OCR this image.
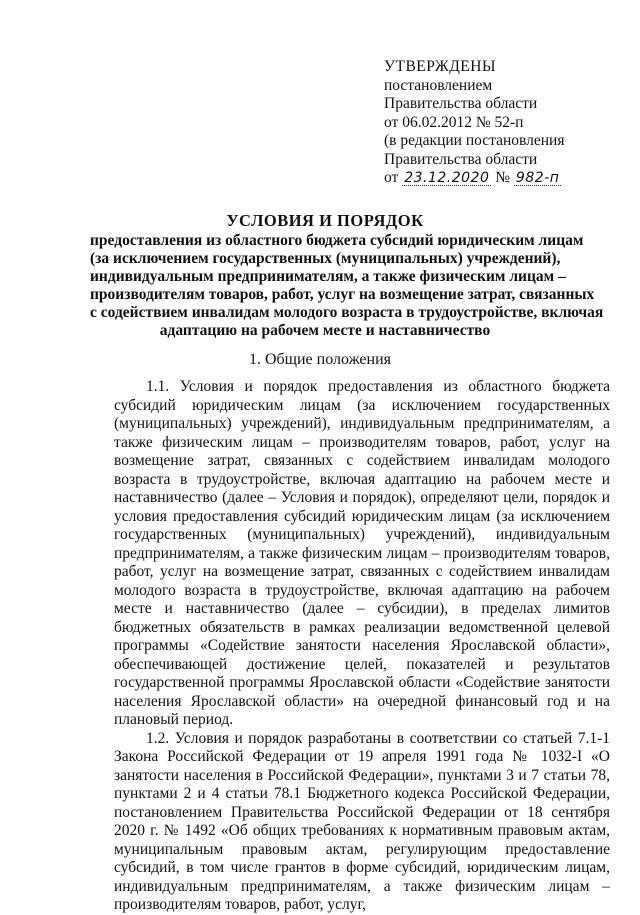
УТВЕРЖДЕНЫ
постановлением
Правительства области
от 06.02.2012 № 52-п
(в редакции постановления
Правительства области
от 23.12.2020 № 982-п
УСЛОВИЯ И ПОРЯДОК
предоставления из областного бюджета субсидий юридическим лицам
(за исключением государственных (муниципальных) учреждений),
индивидуальным предпринимателям, а также физическим лицам –
производителям товаров, работ, услуг на возмещение затрат, связанных
с содействием инвалидам молодого возраста в трудоустройстве, включая
адаптацию на рабочем месте и наставничество
1. Общие положения

1.1. Условия и порядок предоставления из областного бюджета субсидий юридическим лицам (за исключением государственных (муниципальных) учреждений), индивидуальным предпринимателям, а также физическим лицам – производителям товаров, работ, услуг на возмещение затрат, связанных с содействием инвалидам молодого возраста в трудоустройстве, включая адаптацию на рабочем месте и наставничество (далее – Условия и порядок), определяют цели, порядок и условия предоставления субсидий юридическим лицам (за исключением государственных (муниципальных) учреждений), индивидуальным предпринимателям, а также физическим лицам – производителям товаров, работ, услуг на возмещение затрат, связанных с содействием инвалидам молодого возраста в трудоустройстве, включая адаптацию на рабочем месте и наставничество (далее – субсидии), в пределах лимитов бюджетных обязательств в рамках реализации ведомственной целевой программы «Содействие занятости населения Ярославской области», обеспечивающей достижение целей, показателей и результатов государственной программы Ярославской области «Содействие занятости населения Ярославской области» на очередной финансовый год и на плановый период.

1.2. Условия и порядок разработаны в соответствии со статьей 7.1-1 Закона Российской Федерации от 19 апреля 1991 года № 1032-I «О занятости населения в Российской Федерации», пунктами 3 и 7 статьи 78, пунктами 2 и 4 статьи 78.1 Бюджетного кодекса Российской Федерации, постановлением Правительства Российской Федерации от 18 сентября 2020 г. № 1492 «Об общих требованиях к нормативным правовым актам, муниципальным правовым актам, регулирующим предоставление субсидий, в том числе грантов в форме субсидий, юридическим лицам, индивидуальным предпринимателям, а также физическим лицам – производителям товаров, работ, услуг,
